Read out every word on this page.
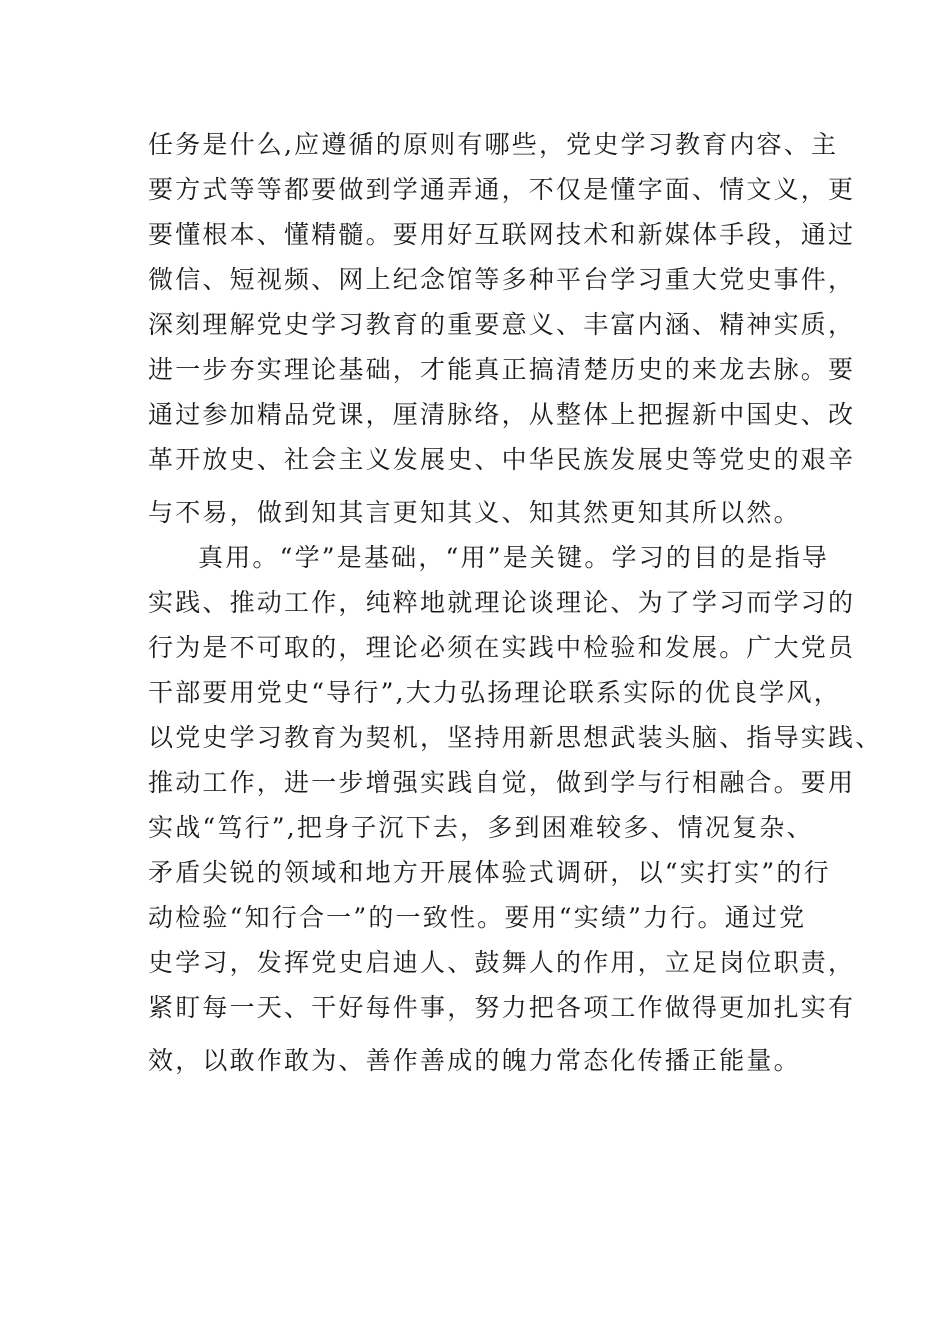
任务是什么,应遵循的原则有哪些，党史学习教育内容、主
要方式等等都要做到学通弄通，不仅是懂字面、情文义，更
要懂根本、懂精髓。要用好互联网技术和新媒体手段，通过
微信、短视频、网上纪念馆等多种平台学习重大党史事件，
深刻理解党史学习教育的重要意义、丰富内涵、精神实质，
进一步夯实理论基础，才能真正搞清楚历史的来龙去脉。要
通过参加精品党课，厘清脉络，从整体上把握新中国史、改
革开放史、社会主义发展史、中华民族发展史等党史的艰辛
与不易，做到知其言更知其义、知其然更知其所以然。
真用。“学”是基础，“用”是关键。学习的目的是指导
实践、推动工作，纯粹地就理论谈理论、为了学习而学习的
行为是不可取的，理论必须在实践中检验和发展。广大党员
干部要用党史“导行”,大力弘扬理论联系实际的优良学风，
以党史学习教育为契机，坚持用新思想武装头脑、指导实践、
推动工作，进一步增强实践自觉，做到学与行相融合。要用
实战“笃行”,把身子沉下去，多到困难较多、情况复杂、
矛盾尖锐的领域和地方开展体验式调研，以“实打实”的行
动检验“知行合一”的一致性。要用“实绩”力行。通过党
史学习，发挥党史启迪人、鼓舞人的作用，立足岗位职责，
紧盯每一天、干好每件事，努力把各项工作做得更加扎实有
效，以敢作敢为、善作善成的魄力常态化传播正能量。
